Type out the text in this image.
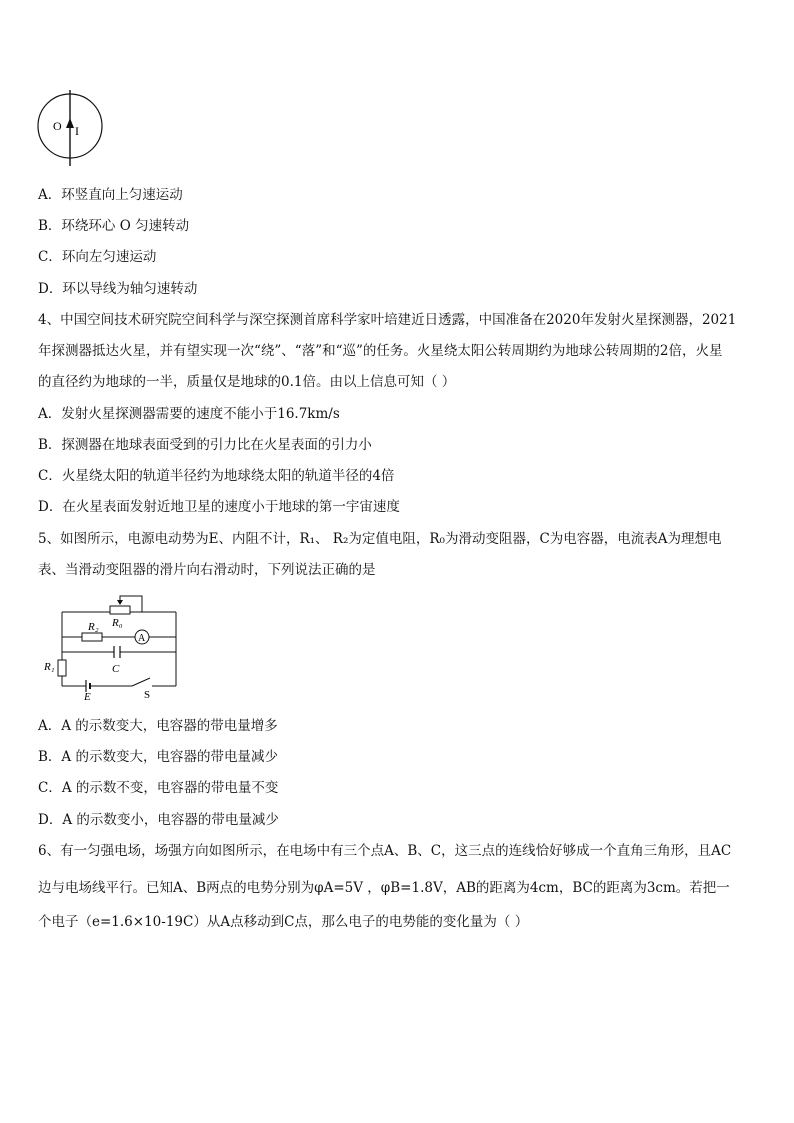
O I
A．环竖直向上匀速运动
B．环绕环心 O 匀速转动
C．环向左匀速运动
D．环以导线为轴匀速转动
4、中国空间技术研究院空间科学与深空探测首席科学家叶培建近日透露，中国准备在2020年发射火星探测器，2021
年探测器抵达火星，并有望实现一次“绕”、“落”和“巡”的任务。火星绕太阳公转周期约为地球公转周期的2倍，火星
的直径约为地球的一半，质量仅是地球的0.1倍。由以上信息可知（ ）
A．发射火星探测器需要的速度不能小于16.7km/s
B．探测器在地球表面受到的引力比在火星表面的引力小
C．火星绕太阳的轨道半径约为地球绕太阳的轨道半径的4倍
D．在火星表面发射近地卫星的速度小于地球的第一宇宙速度
5、如图所示，电源电动势为E、内阻不计，R₁、 R₂为定值电阻，R₀为滑动变阻器，C为电容器，电流表A为理想电
表、当滑动变阻器的滑片向右滑动时，下列说法正确的是
R₀
R₂
A
C
R₁
E	S
A．A 的示数变大，电容器的带电量增多
B．A 的示数变大，电容器的带电量减少
C．A 的示数不变，电容器的带电量不变
D．A 的示数变小，电容器的带电量减少
6、有一匀强电场，场强方向如图所示，在电场中有三个点A、B、C，这三点的连线恰好够成一个直角三角形，且AC
边与电场线平行。已知A、B两点的电势分别为φA=5V ，φB=1.8V，AB的距离为4cm，BC的距离为3cm。若把一
个电子（e=1.6×10-19C）从A点移动到C点，那么电子的电势能的变化量为（ ）
